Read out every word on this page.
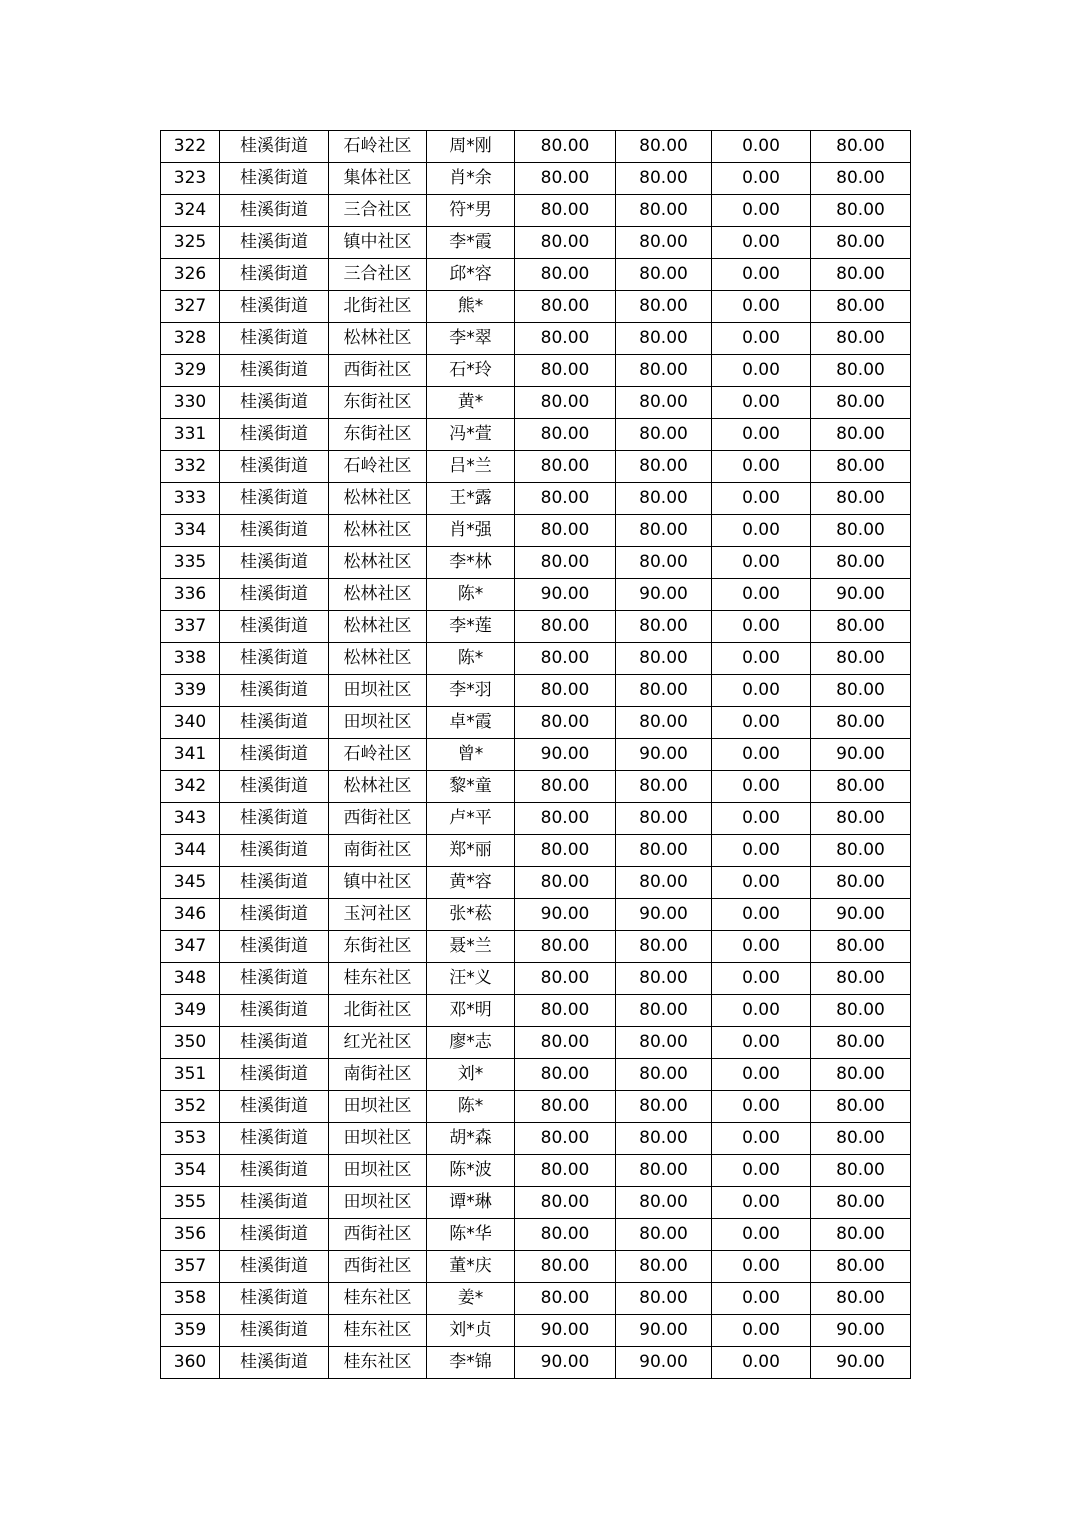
322	桂溪街道	石岭社区	周*刚	80.00	80.00	0.00	80.00
323	桂溪街道	集体社区	肖*余	80.00	80.00	0.00	80.00
324	桂溪街道	三合社区	符*男	80.00	80.00	0.00	80.00
325	桂溪街道	镇中社区	李*霞	80.00	80.00	0.00	80.00
326	桂溪街道	三合社区	邱*容	80.00	80.00	0.00	80.00
327	桂溪街道	北街社区	熊*	80.00	80.00	0.00	80.00
328	桂溪街道	松林社区	李*翠	80.00	80.00	0.00	80.00
329	桂溪街道	西街社区	石*玲	80.00	80.00	0.00	80.00
330	桂溪街道	东街社区	黄*	80.00	80.00	0.00	80.00
331	桂溪街道	东街社区	冯*萱	80.00	80.00	0.00	80.00
332	桂溪街道	石岭社区	吕*兰	80.00	80.00	0.00	80.00
333	桂溪街道	松林社区	王*露	80.00	80.00	0.00	80.00
334	桂溪街道	松林社区	肖*强	80.00	80.00	0.00	80.00
335	桂溪街道	松林社区	李*林	80.00	80.00	0.00	80.00
336	桂溪街道	松林社区	陈*	90.00	90.00	0.00	90.00
337	桂溪街道	松林社区	李*莲	80.00	80.00	0.00	80.00
338	桂溪街道	松林社区	陈*	80.00	80.00	0.00	80.00
339	桂溪街道	田坝社区	李*羽	80.00	80.00	0.00	80.00
340	桂溪街道	田坝社区	卓*霞	80.00	80.00	0.00	80.00
341	桂溪街道	石岭社区	曾*	90.00	90.00	0.00	90.00
342	桂溪街道	松林社区	黎*童	80.00	80.00	0.00	80.00
343	桂溪街道	西街社区	卢*平	80.00	80.00	0.00	80.00
344	桂溪街道	南街社区	郑*丽	80.00	80.00	0.00	80.00
345	桂溪街道	镇中社区	黄*容	80.00	80.00	0.00	80.00
346	桂溪街道	玉河社区	张*菘	90.00	90.00	0.00	90.00
347	桂溪街道	东街社区	聂*兰	80.00	80.00	0.00	80.00
348	桂溪街道	桂东社区	汪*义	80.00	80.00	0.00	80.00
349	桂溪街道	北街社区	邓*明	80.00	80.00	0.00	80.00
350	桂溪街道	红光社区	廖*志	80.00	80.00	0.00	80.00
351	桂溪街道	南街社区	刘*	80.00	80.00	0.00	80.00
352	桂溪街道	田坝社区	陈*	80.00	80.00	0.00	80.00
353	桂溪街道	田坝社区	胡*森	80.00	80.00	0.00	80.00
354	桂溪街道	田坝社区	陈*波	80.00	80.00	0.00	80.00
355	桂溪街道	田坝社区	谭*琳	80.00	80.00	0.00	80.00
356	桂溪街道	西街社区	陈*华	80.00	80.00	0.00	80.00
357	桂溪街道	西街社区	董*庆	80.00	80.00	0.00	80.00
358	桂溪街道	桂东社区	姜*	80.00	80.00	0.00	80.00
359	桂溪街道	桂东社区	刘*贞	90.00	90.00	0.00	90.00
360	桂溪街道	桂东社区	李*锦	90.00	90.00	0.00	90.00
